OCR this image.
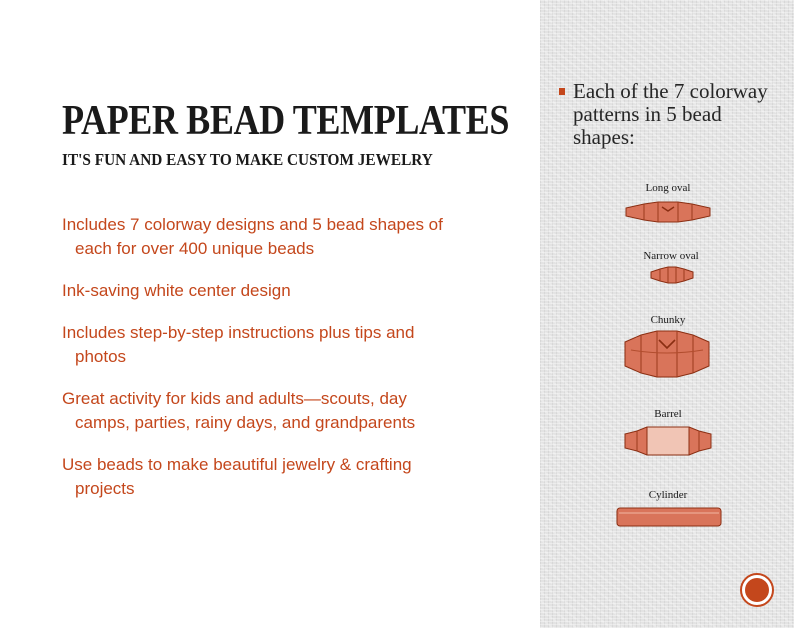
PAPER BEAD TEMPLATES
IT'S FUN AND EASY TO MAKE CUSTOM JEWELRY
Includes 7 colorway designs and 5 bead shapes of each for over 400 unique beads
Ink-saving white center design
Includes step-by-step instructions plus tips and photos
Great activity for kids and adults—scouts, day camps, parties, rainy days, and grandparents
Use beads to make beautiful jewelry & crafting projects
Each of the 7 colorway patterns in 5 bead shapes:
Long oval
Narrow oval
Chunky
Barrel
Cylinder
